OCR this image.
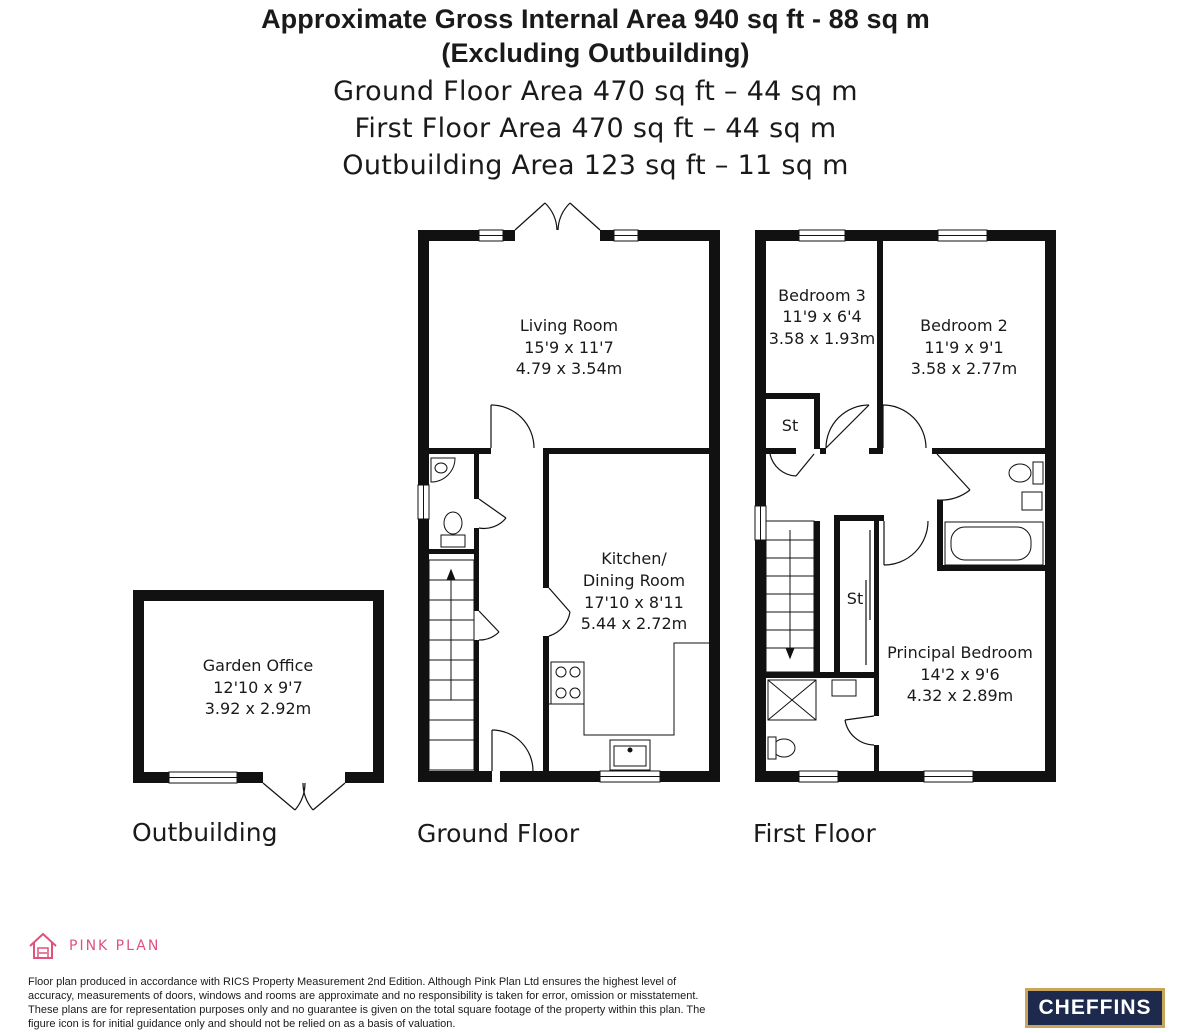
Approximate Gross Internal Area 940 sq ft - 88 sq m
(Excluding Outbuilding)
Ground Floor Area 470 sq ft – 44 sq m
First Floor Area 470 sq ft – 44 sq m
Outbuilding Area 123 sq ft – 11 sq m
Garden Office
12'10 x 9'7
3.92 x 2.92m
Living Room
15'9 x 11'7
4.79 x 3.54m
Kitchen/
Dining Room
17'10 x 8'11
5.44 x 2.72m
Bedroom 3
11'9 x 6'4
3.58 x 1.93m
Bedroom 2
11'9 x 9'1
3.58 x 2.77m
St
St
Principal Bedroom
14'2 x 9'6
4.32 x 2.89m
Outbuilding	Ground Floor	First Floor
PINK PLAN
Floor plan produced in accordance with RICS Property Measurement 2nd Edition. Although Pink Plan Ltd ensures the highest level of accuracy, measurements of doors, windows and rooms are approximate and no responsibility is taken for error, omission or misstatement. These plans are for representation purposes only and no guarantee is given on the total square footage of the property within this plan. The figure icon is for initial guidance only and should not be relied on as a basis of valuation.
CHEFFINS
